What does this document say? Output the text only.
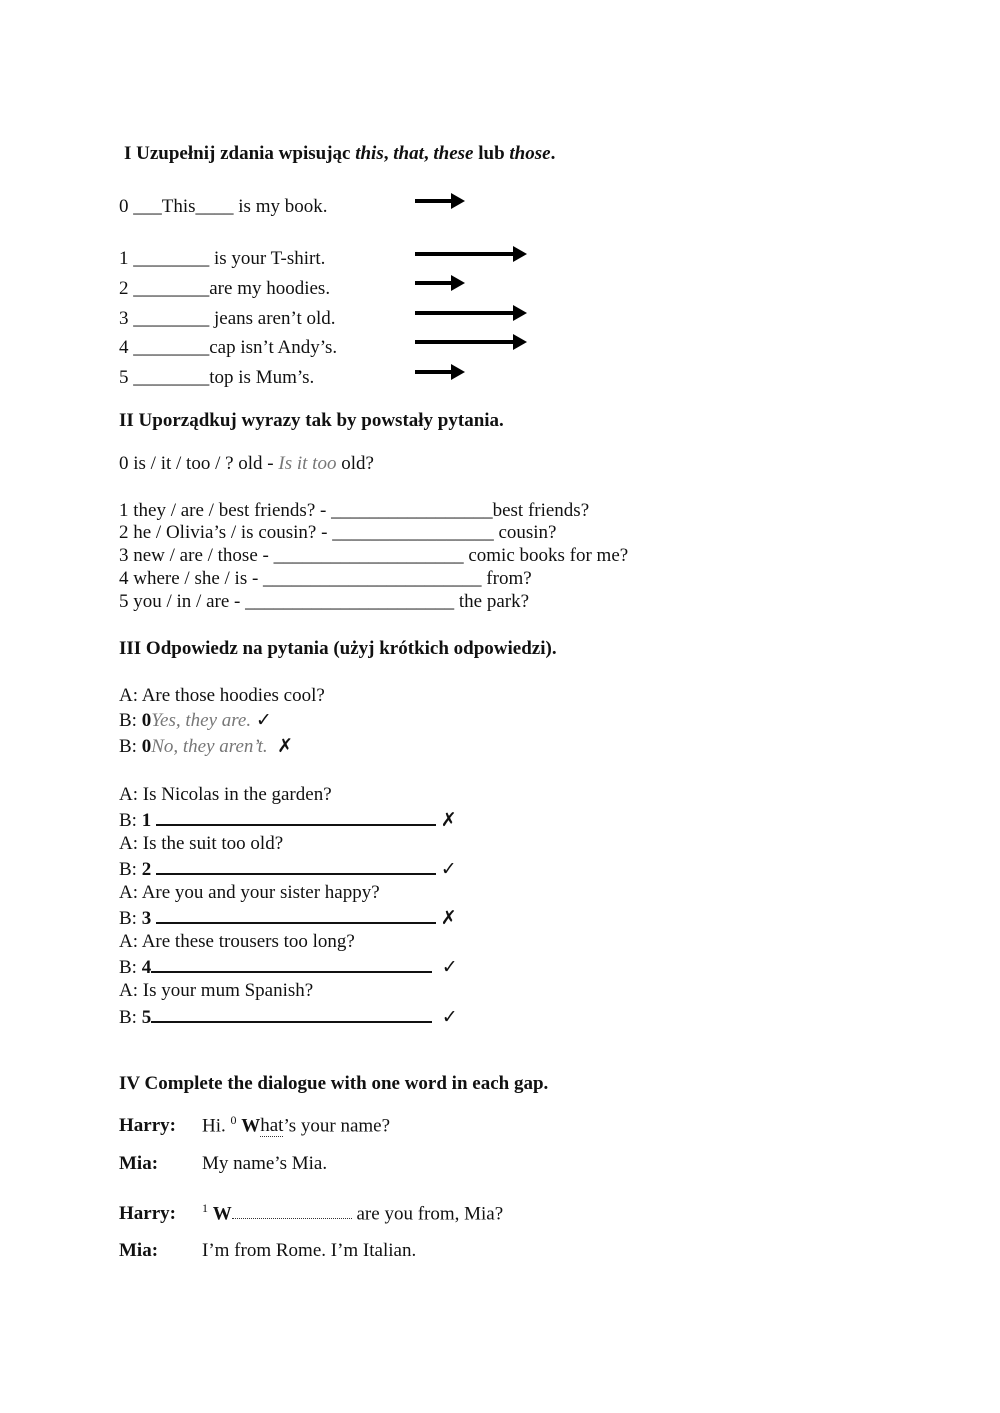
I Uzupełnij zdania wpisując this, that, these lub those.
0 ___This____ is my book.
1 ________ is your T-shirt.
2 ________are my hoodies.
3 ________ jeans aren’t old.
4 ________cap isn’t Andy’s.
5 ________top is Mum’s.
II Uporządkuj wyrazy tak by powstały pytania.
0 is / it / too / ? old - Is it too old?
1 they / are / best friends? - _________________best friends?
2 he / Olivia’s / is cousin? - _________________ cousin?
3 new / are / those - ____________________ comic books for me?
4 where / she / is - _______________________ from?
5 you / in / are - ______________________ the park?
III Odpowiedz na pytania (użyj krótkich odpowiedzi).
A: Are those hoodies cool?
B: 0Yes, they are. ✓
B: 0No, they aren’t. ✗
A: Is Nicolas in the garden?
B: 1	✗
A: Is the suit too old?
B: 2	✓
A: Are you and your sister happy?
B: 3	✗
A: Are these trousers too long?
B: 4	✓
A: Is your mum Spanish?
B: 5	✓
IV Complete the dialogue with one word in each gap.
Harry: Hi. $^0$ What’s your name?
Mia: My name’s Mia.
Harry: $^1$ W	are you from, Mia?
Mia: I’m from Rome. I’m Italian.
